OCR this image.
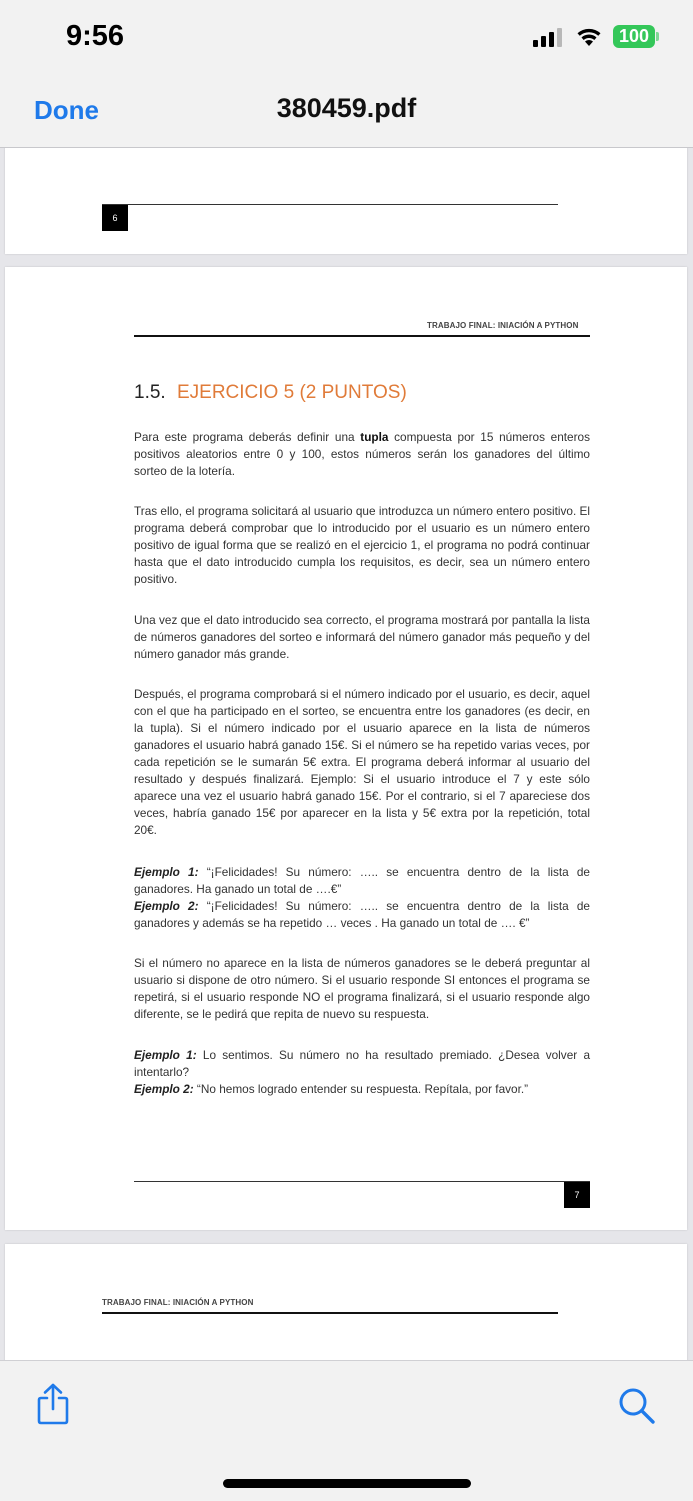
9:56	100
Done	380459.pdf
6
TRABAJO FINAL: INIACIÓN A PYTHON
1.5. EJERCICIO 5 (2 PUNTOS)

Para este programa deberás definir una tupla compuesta por 15 números enteros positivos aleatorios entre 0 y 100, estos números serán los ganadores del último sorteo de la lotería.

Tras ello, el programa solicitará al usuario que introduzca un número entero positivo. El programa deberá comprobar que lo introducido por el usuario es un número entero positivo de igual forma que se realizó en el ejercicio 1, el programa no podrá continuar hasta que el dato introducido cumpla los requisitos, es decir, sea un número entero positivo.

Una vez que el dato introducido sea correcto, el programa mostrará por pantalla la lista de números ganadores del sorteo e informará del número ganador más pequeño y del número ganador más grande.

Después, el programa comprobará si el número indicado por el usuario, es decir, aquel con el que ha participado en el sorteo, se encuentra entre los ganadores (es decir, en la tupla). Si el número indicado por el usuario aparece en la lista de números ganadores el usuario habrá ganado 15€. Si el número se ha repetido varias veces, por cada repetición se le sumarán 5€ extra. El programa deberá informar al usuario del resultado y después finalizará. Ejemplo: Si el usuario introduce el 7 y este sólo aparece una vez el usuario habrá ganado 15€. Por el contrario, si el 7 apareciese dos veces, habría ganado 15€ por aparecer en la lista y 5€ extra por la repetición, total 20€.

Ejemplo 1: “¡Felicidades! Su número: ….. se encuentra dentro de la lista de ganadores. Ha ganado un total de ….€”

Ejemplo 2: “¡Felicidades! Su número: ….. se encuentra dentro de la lista de ganadores y además se ha repetido … veces . Ha ganado un total de …. €”

Si el número no aparece en la lista de números ganadores se le deberá preguntar al usuario si dispone de otro número. Si el usuario responde SI entonces el programa se repetirá, si el usuario responde NO el programa finalizará, si el usuario responde algo diferente, se le pedirá que repita de nuevo su respuesta.

Ejemplo 1: Lo sentimos. Su número no ha resultado premiado. ¿Desea volver a intentarlo?

Ejemplo 2: “No hemos logrado entender su respuesta. Repítala, por favor.”

7
TRABAJO FINAL: INIACIÓN A PYTHON
